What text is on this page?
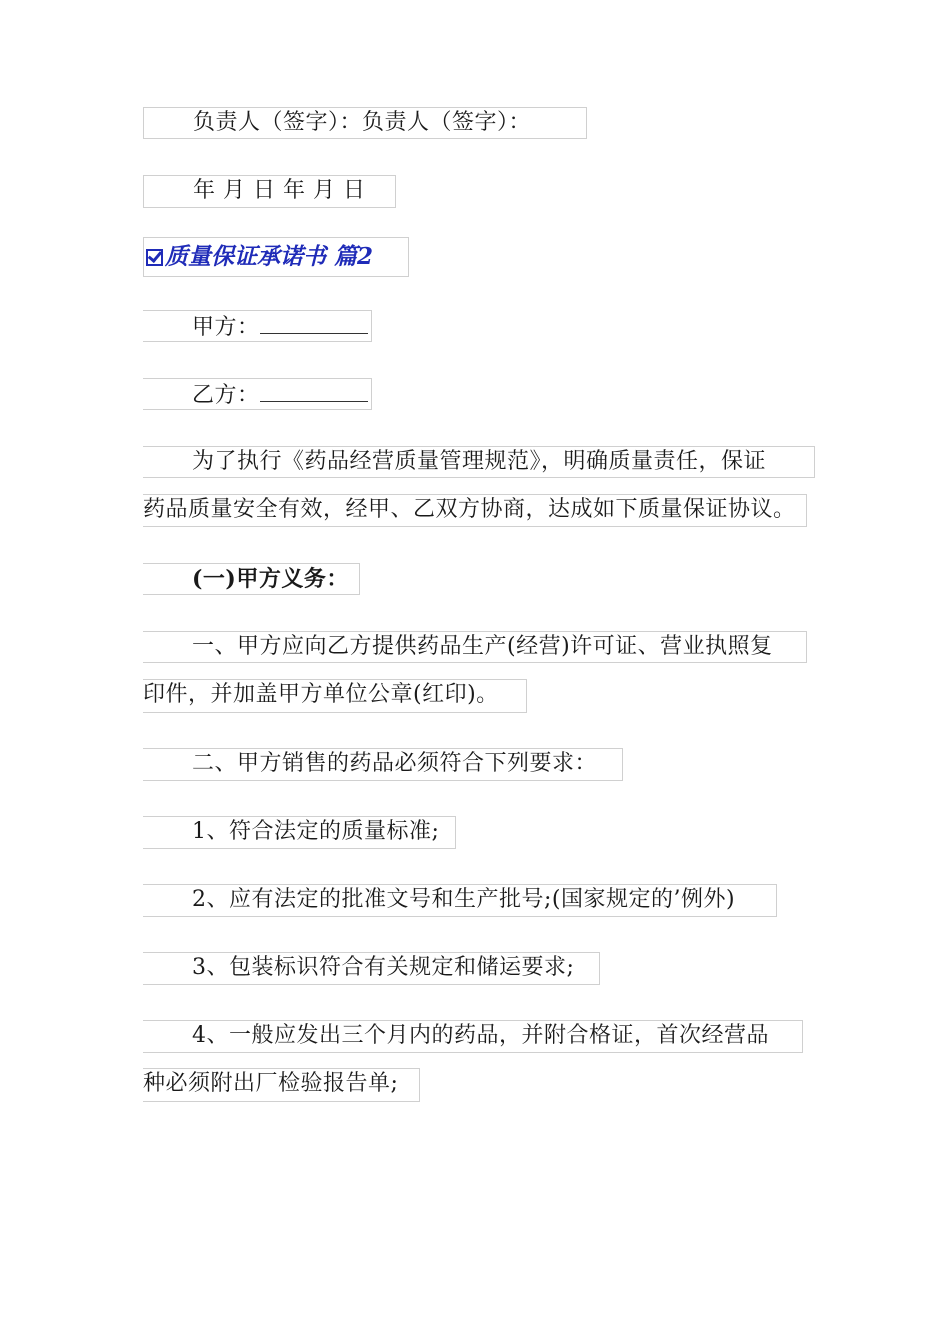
负责人（签字）：负责人（签字）：
年 月 日 年 月 日
质量保证承诺书 篇2
甲方：
乙方：
为了执行《药品经营质量管理规范》，明确质量责任，保证
药品质量安全有效，经甲、乙双方协商，达成如下质量保证协议。
(一)甲方义务：
一、甲方应向乙方提供药品生产(经营)许可证、营业执照复
印件，并加盖甲方单位公章(红印)。
二、甲方销售的药品必须符合下列要求：
1、符合法定的质量标准;
2、应有法定的批准文号和生产批号;(国家规定的’例外)
3、包装标识符合有关规定和储运要求;
4、一般应发出三个月内的药品，并附合格证，首次经营品
种必须附出厂检验报告单;
